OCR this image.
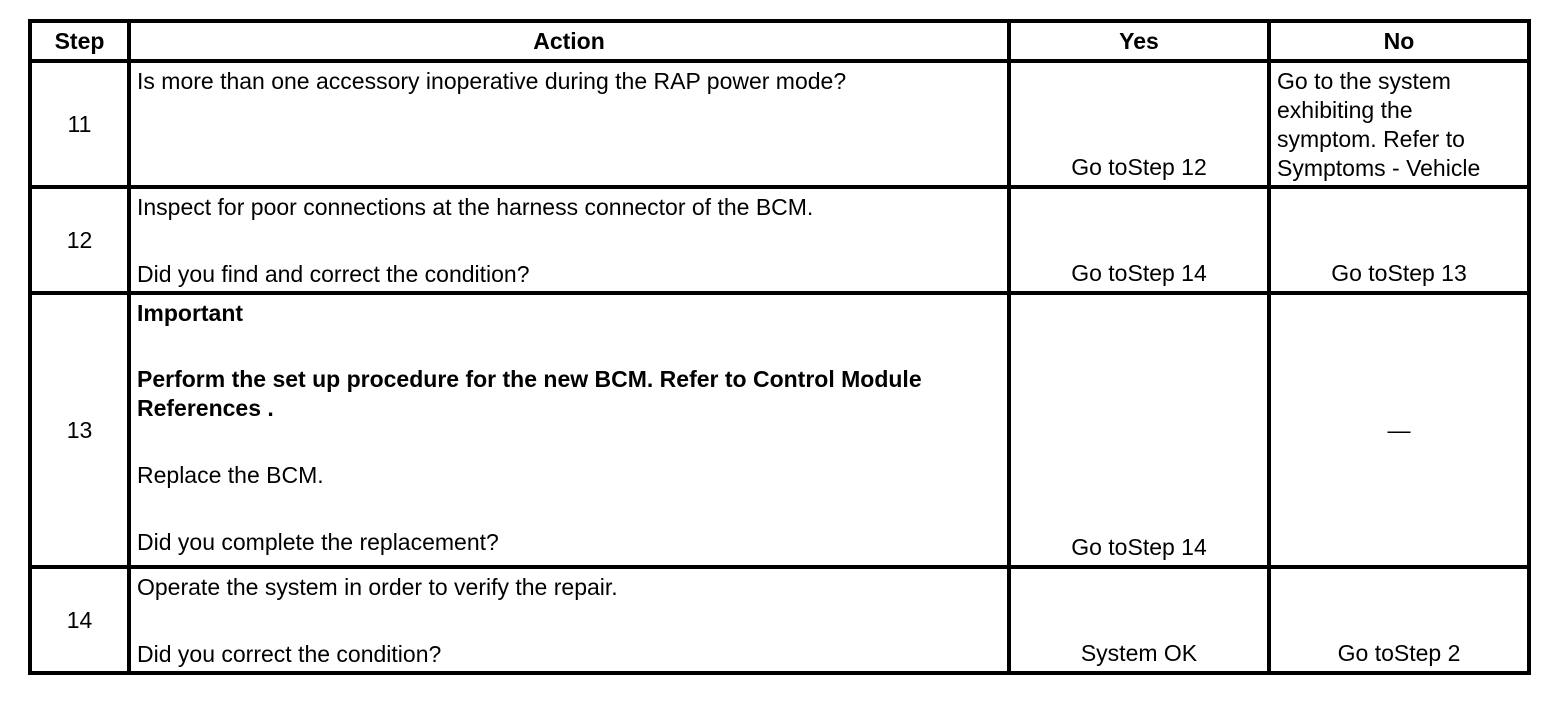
Step	Action	Yes	No
11	Is more than one accessory inoperative during the RAP power mode?	Go toStep 12	Go to the system
exhibiting the
symptom. Refer to
Symptoms - Vehicle

12	Inspect for poor connections at the harness connector of the BCM.
Did you find and correct the condition?	Go toStep 14	Go toStep 13
13	Important
Perform the set up procedure for the new BCM. Refer to Control Module
References .
Replace the BCM.
Did you complete the replacement?	Go toStep 14	—
14	Operate the system in order to verify the repair.
Did you correct the condition?	System OK	Go toStep 2
